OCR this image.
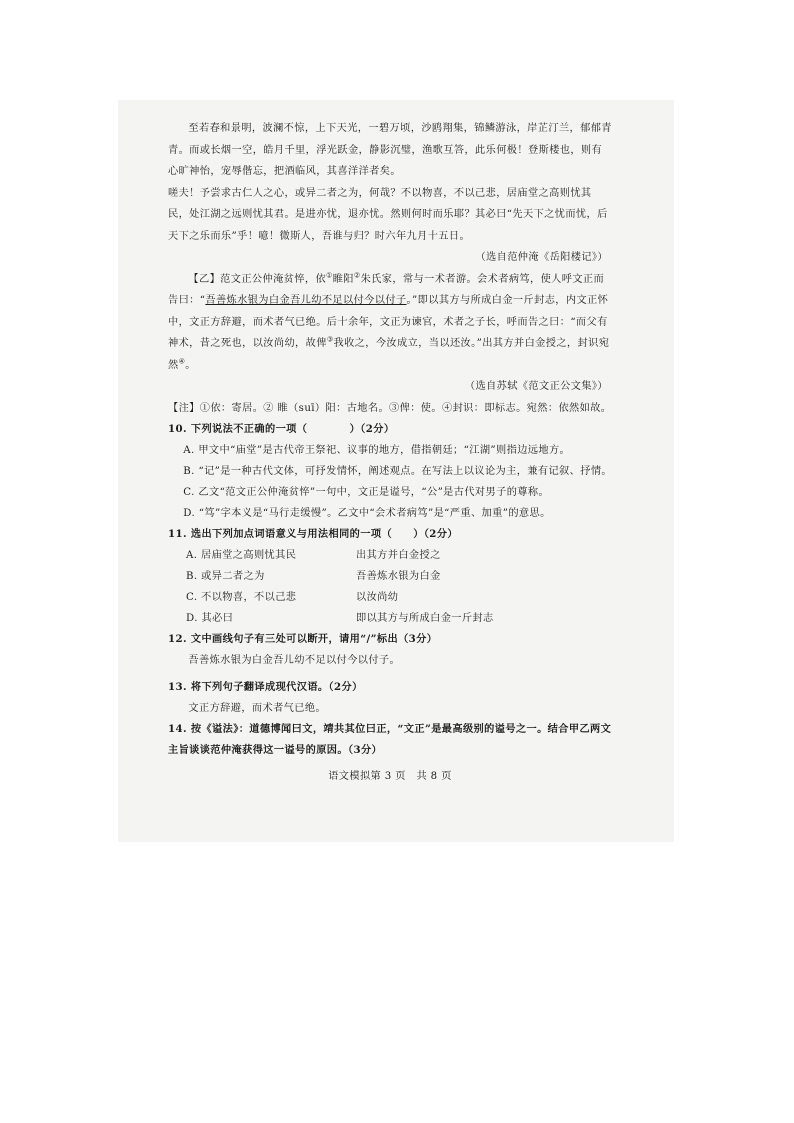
至若春和景明，波澜不惊，上下天光，一碧万顷，沙鸥翔集，锦鳞游泳，岸芷汀兰，郁郁青青。而或长烟一空，皓月千里，浮光跃金，静影沉璧，渔歌互答，此乐何极！登斯楼也，则有心旷神怡，宠辱偕忘，把酒临风，其喜洋洋者矣。

嗟夫！予尝求古仁人之心，或异二者之为，何哉？不以物喜，不以己悲，居庙堂之高则忧其民，处江湖之远则忧其君。是进亦忧，退亦忧。然则何时而乐耶？其必曰“先天下之忧而忧，后天下之乐而乐”乎！噫！微斯人，吾谁与归？时六年九月十五日。

（选自范仲淹《岳阳楼记》）

【乙】范文正公仲淹贫悴，依①睢阳②朱氏家，常与一术者游。会术者病笃，使人呼文正而告曰：“吾善炼水银为白金吾儿幼不足以付今以付子。”即以其方与所成白金一斤封志，内文正怀中，文正方辞避，而术者气已绝。后十余年，文正为谏官，术者之子长，呼而告之曰：“而父有神术，昔之死也，以汝尚幼，故俾③我收之，今汝成立，当以还汝。”出其方并白金授之，封识宛然④。

（选自苏轼《范文正公文集》）

【注】①依：寄居。② 睢（suī）阳：古地名。③俾：使。④封识：即标志。宛然：依然如故。

10. 下列说法不正确的一项（　　　　）（2分）

A. 甲文中“庙堂”是古代帝王祭祀、议事的地方，借指朝廷；“江湖”则指边远地方。

B. “记”是一种古代文体，可抒发情怀，阐述观点。在写法上以议论为主，兼有记叙、抒情。

C. 乙文“范文正公仲淹贫悴”一句中，文正是谥号，“公”是古代对男子的尊称。

D. “笃”字本义是“马行走缓慢”。乙文中“会术者病笃”是“严重、加重”的意思。

11. 选出下列加点词语意义与用法相同的一项（　　）（2分）

A. 居庙堂之高则忧其民	出其方并白金授之
B. 或异二者之为	吾善炼水银为白金
C. 不以物喜，不以己悲	以汝尚幼
D. 其必曰	即以其方与所成白金一斤封志

12. 文中画线句子有三处可以断开，请用“/”标出（3分）

吾善炼水银为白金吾儿幼不足以付今以付子。

13. 将下列句子翻译成现代汉语。（2分）

文正方辞避，而术者气已绝。

14. 按《谥法》：道德博闻曰文，靖共其位曰正，“文正”是最高级别的谥号之一。结合甲乙两文主旨谈谈范仲淹获得这一谥号的原因。（3分）

语文模拟第 3 页　共 8 页
